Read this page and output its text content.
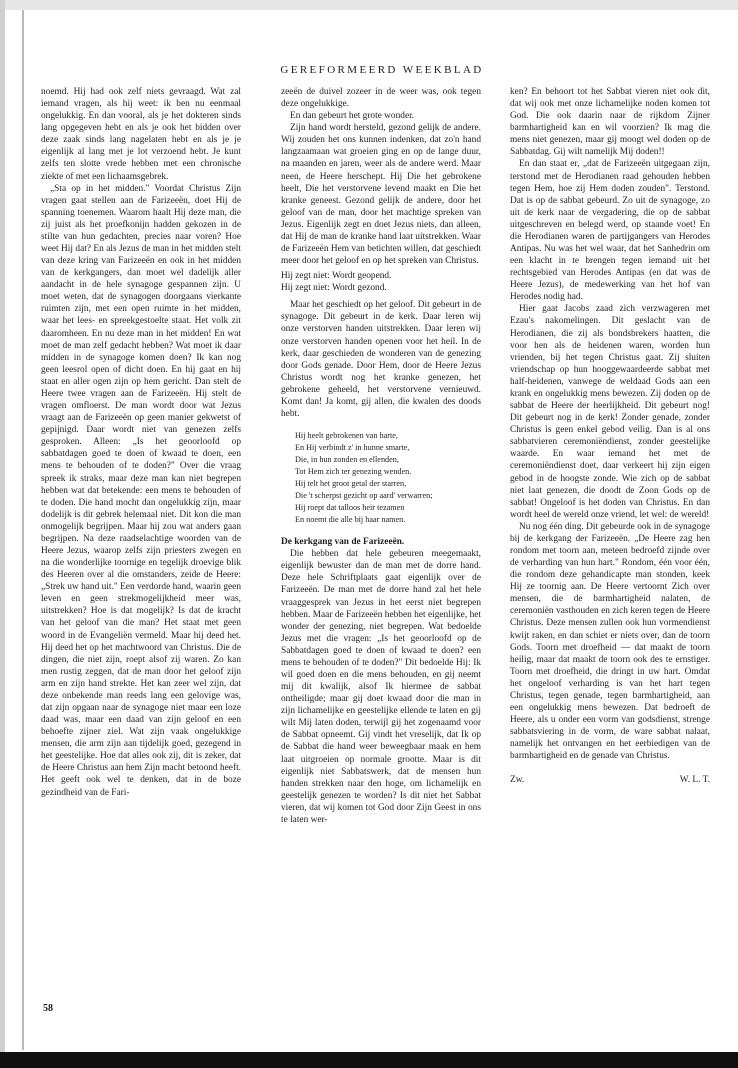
GEREFORMEERD WEEKBLAD

noemd. Hij had ook zelf niets gevraagd. Wat zal iemand vragen, als hij weet: ik ben nu eenmaal ongelukkig. En dan vooral, als je het dokteren sinds lang opgegeven hebt en als je ook het bidden over deze zaak sinds lang nagelaten hebt en als je je eigenlijk al lang met je lot verzoend hebt. Je kunt zelfs ten slotte vrede hebben met een chronische ziekte of met een lichaamsgebrek.

„Sta op in het midden." Voordat Christus Zijn vragen gaat stellen aan de Farizeeën, doet Hij de spanning toenemen. Waarom haalt Hij deze man, die zij juist als het proefkonijn hadden gekozen in de stilte van hun gedachten, precies naar voren? Hoe weet Hij dat? En als Jezus de man in het midden stelt van deze kring van Farizeeën en ook in het midden van de kerkgangers, dan moet wel dadelijk aller aandacht in de hele synagoge gespannen zijn. U moet weten, dat de synagogen doorgaans vierkante ruimten zijn, met een open ruimte in het midden, waar het lees- en spreekgestoelte staat. Het volk zit daaromheen. En nu deze man in het midden! En wat moet de man zelf gedacht hebben? Wat moet ik daar midden in de synagoge komen doen? Ik kan nog geen leesrol open of dicht doen. En hij gaat en hij staat en aller ogen zijn op hem gericht. Dan stelt de Heere twee vragen aan de Farizeeën. Hij stelt de vragen omfloerst. De man wordt door wat Jezus vraagt aan de Farizeeën op geen manier gekwetst of gepijnigd. Daar wordt niet van genezen zelfs gesproken. Alleen: „Is het geoorloofd op sabbatdagen goed te doen of kwaad te doen, een mens te behouden of te doden?" Over die vraag spreek ik straks, maar deze man kan niet begrepen hebben wat dat betekende: een mens te behouden of te doden. Die hand mocht dan ongelukkig zijn, maar dodelijk is dit gebrek helemaal niet. Dit kon die man onmogelijk begrijpen. Maar hij zou wat anders gaan begrijpen. Na deze raadselachtige woorden van de Heere Jezus, waarop zelfs zijn priesters zwegen en na die wonderlijke toornige en tegelijk droevige blik des Heeren over al die omstanders, zeide de Heere: „Strek uw hand uit." Een verdorde hand, waarin geen leven en geen strekmogelijkheid meer was, uitstrekken? Hoe is dat mogelijk? Is dat de kracht van het geloof van die man? Het staat met geen woord in de Evangeliën vermeld. Maar hij deed het. Hij deed het op het machtwoord van Christus. Die de dingen, die niet zijn, roept alsof zij waren. Zo kan men rustig zeggen, dat de man door het geloof zijn arm en zijn hand strekte. Het kan zeer wel zijn, dat deze onbekende man reeds lang een gelovige was, dat zijn opgaan naar de synagoge niet maar een loze daad was, maar een daad van zijn geloof en een behoefte zijner ziel. Wat zijn vaak ongelukkige mensen, die arm zijn aan tijdelijk goed, gezegend in het geestelijke. Hoe dat alles ook zij, dit is zeker, dat de Heere Christus aan hem Zijn macht betoond heeft. Het geeft ook wel te denken, dat in de boze gezindheid van de Fari-

zeeën de duivel zozeer in de weer was, ook tegen deze ongelukkige.

En dan gebeurt het grote wonder.

Zijn hand wordt hersteld, gezond gelijk de andere. Wij zouden het ons kunnen indenken, dat zo'n hand langzaamaan wat groeien ging en op de lange duur, na maanden en jaren, weer als de andere werd. Maar neen, de Heere herschept. Hij Die het gebrokene heelt, Die het verstorvene levend maakt en Die het kranke geneest. Gezond gelijk de andere, door het geloof van de man, door het machtige spreken van Jezus. Eigenlijk zegt en doet Jezus niets, dan alleen, dat Hij de man de kranke hand laat uitstrekken. Waar de Farizeeën Hem van betichten willen, dat geschiedt meer door het geloof en op het spreken van Christus.

Hij zegt niet: Wordt geopend.

Hij zegt niet: Wordt gezond.

Maar het geschiedt op het geloof. Dit gebeurt in de synagoge. Dit gebeurt in de kerk. Daar leren wij onze verstorven handen uitstrekken. Daar leren wij onze verstorven handen openen voor het heil. In de kerk, daar geschieden de wonderen van de genezing door Gods genade. Door Hem, door de Heere Jezus Christus wordt nog het kranke genezen, het gebrokene geheeld, het verstorvene vernieuwd. Komt dan! Ja komt, gij allen, die kwalen des doods hebt.

Hij heelt gebrokenen van harte,
En Hij verbindt z' in hunne smarte,
Die, in hun zonden en ellenden,
Tot Hem zich ter genezing wenden.
Hij telt het groot getal der starren,
Die 't scherpst gezicht op aard' verwarren;
Hij roept dat talloos heir tezamen
En noemt die alle bij haar namen.

De kerkgang van de Farizeeën.

Die hebben dat hele gebeuren meegemaakt, eigenlijk bewuster dan de man met de dorre hand. Deze hele Schriftplaats gaat eigenlijk over de Farizeeën. De man met de dorre hand zal het hele vraaggesprek van Jezus in het eerst niet begrepen hebben. Maar de Farizeeën hebben het eigenlijke, het wonder der genezing, niet begrepen. Wat bedoelde Jezus met die vragen: „Is het geoorloofd op de Sabbatdagen goed te doen of kwaad te doen? een mens te behouden of te doden?" Dit bedoelde Hij: Ik wil goed doen en die mens behouden, en gij neemt mij dit kwalijk, alsof Ik hiermee de sabbat ontheiligde; maar gij doet kwaad door die man in zijn lichamelijke en geestelijke ellende te laten en gij wilt Mij laten doden, terwijl gij het zogenaamd voor de Sabbat opneemt. Gij vindt het vreselijk, dat Ik op de Sabbat die hand weer beweegbaar maak en hem laat uitgroeien op normale grootte. Maar is dit eigenlijk niet Sabbatswerk, dat de mensen hun handen strekken naar den hoge, om lichamelijk en geestelijk genezen te worden? Is dit niet het Sabbat vieren, dat wij komen tot God door Zijn Geest in ons te laten wer-

ken? En behoort tot het Sabbat vieren niet ook dit, dat wij ook met onze lichamelijke noden komen tot God. Die ook daarin naar de rijkdom Zijner barmhartigheid kan en wil voorzien? Ik mag die mens niet genezen, maar gij moogt wel doden op de Sabbatdag. Gij wilt namelijk Mij doden!!

En dan staat er, „dat de Farizeeën uitgegaan zijn, terstond met de Herodianen raad gehouden hebben tegen Hem, hoe zij Hem doden zouden". Terstond. Dat is op de sabbat gebeurd. Zo uit de synagoge, zo uit de kerk naar de vergadering, die op de sabbat uitgeschreven en belegd werd, op staande voet! En die Herodianen waren de partijgangers van Herodes Antipas. Nu was het wel waar, dat het Sanhedrin om een klacht in te brengen tegen iemand uit het rechtsgebied van Herodes Antipas (en dat was de Heere Jezus), de medewerking van het hof van Herodes nodig had.

Hier gaat Jacobs zaad zich verzwageren met Ezau's nakomelingen. Dit geslacht van de Herodianen, die zij als bondsbrekers haatten, die voor hen als de heidenen waren, worden hun vrienden, bij het tegen Christus gaat. Zij sluiten vriendschap op hun hooggewaardeerde sabbat met half-heidenen, vanwege de weldaad Gods aan een krank en ongelukkig mens bewezen. Zij doden op de sabbat de Heere der heerlijkheid. Dit gebeurt nog! Dit gebeurt nog in de kerk! Zonder genade, zonder Christus is geen enkel gebod veilig. Dan is al ons sabbatvieren ceremoniëndienst, zonder geestelijke waarde. En waar iemand het met de ceremoniëndienst doet, daar verkeert hij zijn eigen gebod in de hoogste zonde. Wie zich op de sabbat niet laat genezen, die doodt de Zoon Gods op de sabbat! Ongeloof is het doden van Christus. En dan wordt heel de wereld onze vriend, let wel: de wereld!

Nu nog één ding. Dit gebeurde ook in de synagoge bij de kerkgang der Farizeeën. „De Heere zag hen rondom met toorn aan, meteen bedroefd zijnde over de verharding van hun hart." Rondom, één voor één, die rondom deze gehandicapte man stonden, keek Hij ze toornig aan. De Heere vertoornt Zich over mensen, die de barmhartigheid nalaten, de ceremoniën vasthouden en zich keren tegen de Heere Christus. Deze mensen zullen ook hun vormendienst kwijt raken, en dan schiet er niets over, dan de toorn Gods. Toorn met droefheid — dat maakt de toorn heilig, maar dat maakt de toorn ook des te ernstiger. Toorn met droefheid, die dringt in uw hart. Omdat het ongeloof verharding is van het hart tegen Christus, tegen genade, tegen barmhartigheid, aan een ongelukkig mens bewezen. Dat bedroeft de Heere, als u onder een vorm van godsdienst, strenge sabbatsviering in de vorm, de ware sabbat nalaat, namelijk het ontvangen en het eerbiedigen van de barmhartigheid en de genade van Christus.

Zw.	W. L. T.
58
